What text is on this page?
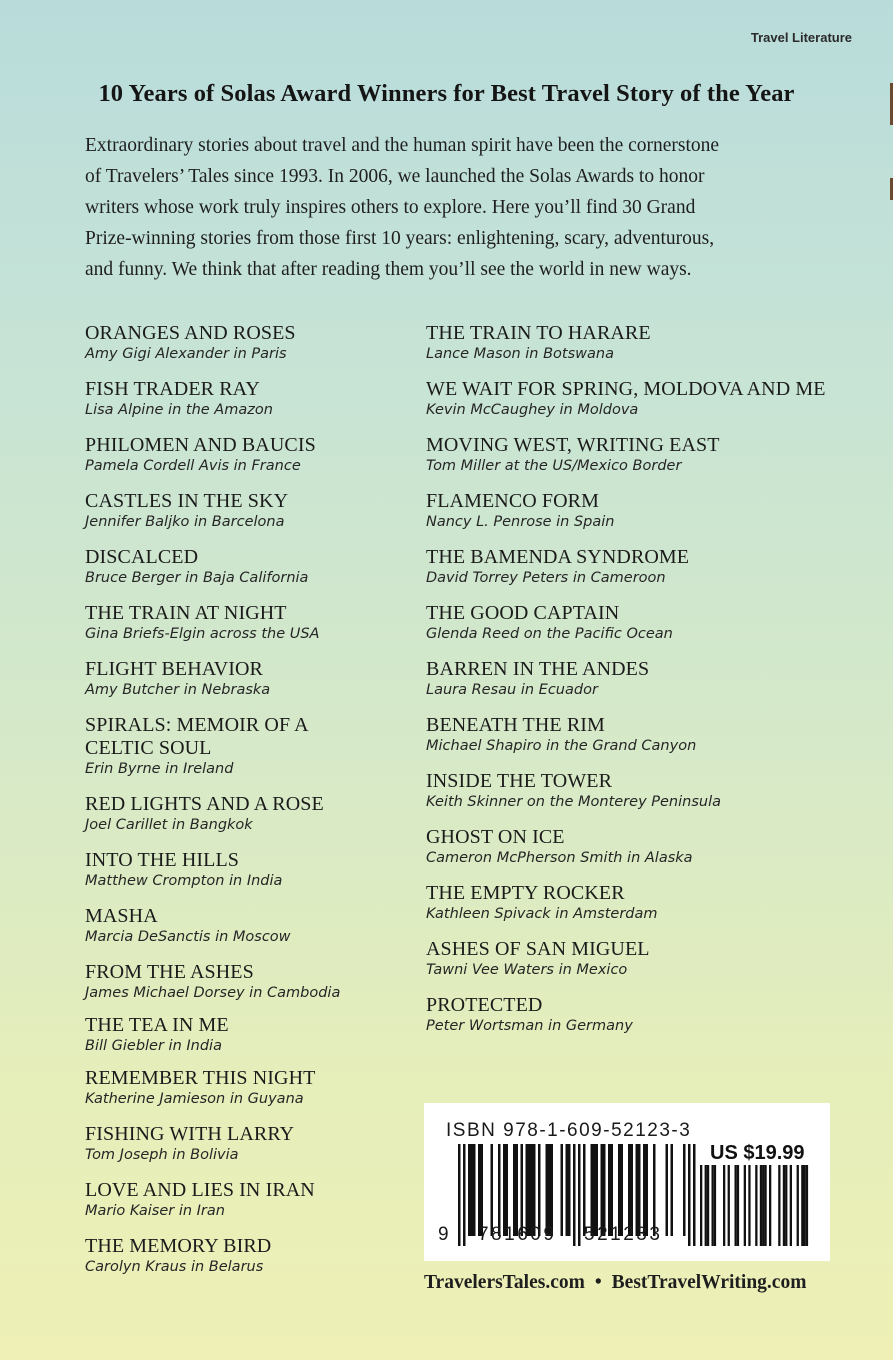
Travel Literature
10 Years of Solas Award Winners for Best Travel Story of the Year
Extraordinary stories about travel and the human spirit have been the cornerstone
of Travelers’ Tales since 1993. In 2006, we launched the Solas Awards to honor
writers whose work truly inspires others to explore. Here you’ll find 30 Grand
Prize-winning stories from those first 10 years: enlightening, scary, adventurous,
and funny. We think that after reading them you’ll see the world in new ways.
ORANGES AND ROSES
Amy Gigi Alexander in Paris
FISH TRADER RAY
Lisa Alpine in the Amazon
PHILOMEN AND BAUCIS
Pamela Cordell Avis in France
CASTLES IN THE SKY
Jennifer Baljko in Barcelona
DISCALCED
Bruce Berger in Baja California
THE TRAIN AT NIGHT
Gina Briefs-Elgin across the USA
FLIGHT BEHAVIOR
Amy Butcher in Nebraska
SPIRALS: MEMOIR OF A CELTIC SOUL
Erin Byrne in Ireland
RED LIGHTS AND A ROSE
Joel Carillet in Bangkok
INTO THE HILLS
Matthew Crompton in India
MASHA
Marcia DeSanctis in Moscow
FROM THE ASHES
James Michael Dorsey in Cambodia
THE TEA IN ME
Bill Giebler in India
REMEMBER THIS NIGHT
Katherine Jamieson in Guyana
FISHING WITH LARRY
Tom Joseph in Bolivia
LOVE AND LIES IN IRAN
Mario Kaiser in Iran
THE MEMORY BIRD
Carolyn Kraus in Belarus
THE TRAIN TO HARARE
Lance Mason in Botswana
WE WAIT FOR SPRING, MOLDOVA AND ME
Kevin McCaughey in Moldova
MOVING WEST, WRITING EAST
Tom Miller at the US/Mexico Border
FLAMENCO FORM
Nancy L. Penrose in Spain
THE BAMENDA SYNDROME
David Torrey Peters in Cameroon
THE GOOD CAPTAIN
Glenda Reed on the Pacific Ocean
BARREN IN THE ANDES
Laura Resau in Ecuador
BENEATH THE RIM
Michael Shapiro in the Grand Canyon
INSIDE THE TOWER
Keith Skinner on the Monterey Peninsula
GHOST ON ICE
Cameron McPherson Smith in Alaska
THE EMPTY ROCKER
Kathleen Spivack in Amsterdam
ASHES OF SAN MIGUEL
Tawni Vee Waters in Mexico
PROTECTED
Peter Wortsman in Germany
ISBN 978-1-609-52123-3
US $19.99
9 781609 521233
TravelersTales.com • BestTravelWriting.com
